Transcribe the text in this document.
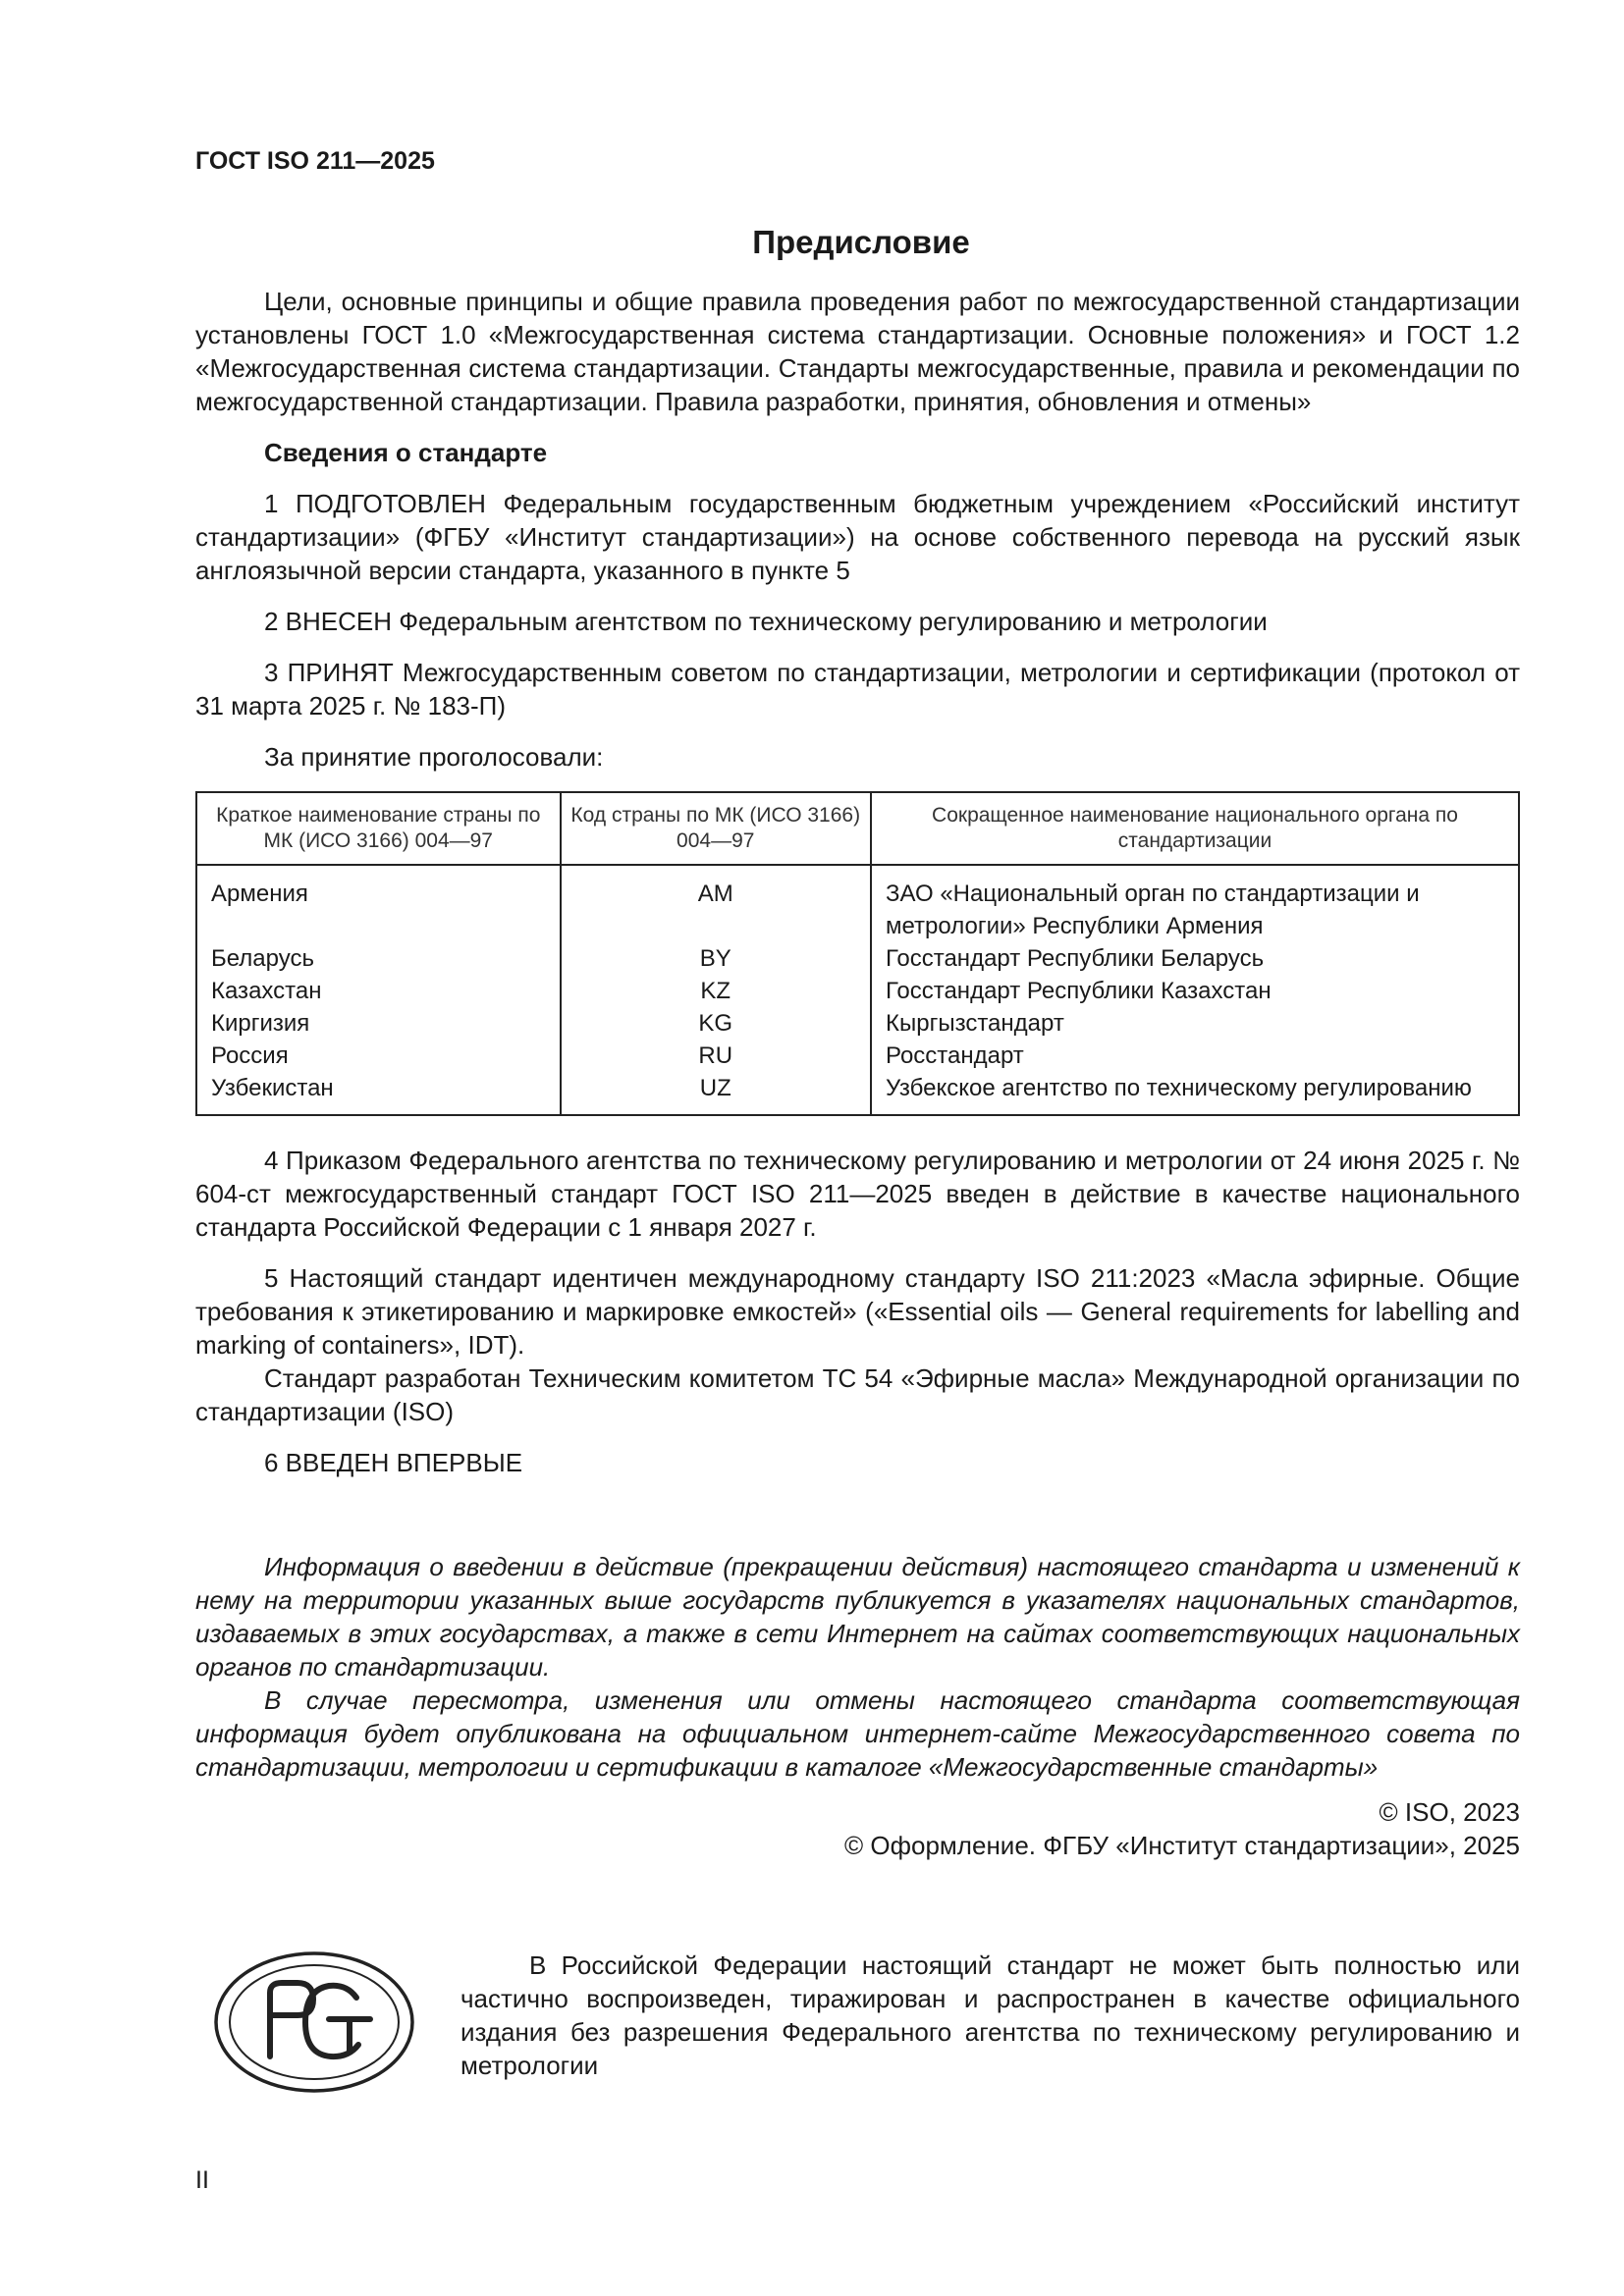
ГОСТ ISO 211—2025
Предисловие

Цели, основные принципы и общие правила проведения работ по межгосударственной стандартизации установлены ГОСТ 1.0 «Межгосударственная система стандартизации. Основные положения» и ГОСТ 1.2 «Межгосударственная система стандартизации. Стандарты межгосударственные, правила и рекомендации по межгосударственной стандартизации. Правила разработки, принятия, обновления и отмены»

Сведения о стандарте

1 ПОДГОТОВЛЕН Федеральным государственным бюджетным учреждением «Российский институт стандартизации» (ФГБУ «Институт стандартизации») на основе собственного перевода на русский язык англоязычной версии стандарта, указанного в пункте 5

2 ВНЕСЕН Федеральным агентством по техническому регулированию и метрологии

3 ПРИНЯТ Межгосударственным советом по стандартизации, метрологии и сертификации (протокол от 31 марта 2025 г. № 183-П)

За принятие проголосовали:

Краткое наименование страны по МК (ИСО 3166) 004—97	Код страны по МК (ИСО 3166) 004—97	Сокращенное наименование национального органа по стандартизации
Армения	AM	ЗАО «Национальный орган по стандартизации и метрологии» Республики Армения
Беларусь	BY	Госстандарт Республики Беларусь
Казахстан	KZ	Госстандарт Республики Казахстан
Киргизия	KG	Кыргызстандарт
Россия	RU	Росстандарт
Узбекистан	UZ	Узбекское агентство по техническому регулированию

4 Приказом Федерального агентства по техническому регулированию и метрологии от 24 июня 2025 г. № 604-ст межгосударственный стандарт ГОСТ ISO 211—2025 введен в действие в качестве национального стандарта Российской Федерации с 1 января 2027 г.

5 Настоящий стандарт идентичен международному стандарту ISO 211:2023 «Масла эфирные. Общие требования к этикетированию и маркировке емкостей» («Essential oils — General requirements for labelling and marking of containers», IDT).

Стандарт разработан Техническим комитетом ТС 54 «Эфирные масла» Международной организации по стандартизации (ISO)

6 ВВЕДЕН ВПЕРВЫЕ

Информация о введении в действие (прекращении действия) настоящего стандарта и изменений к нему на территории указанных выше государств публикуется в указателях национальных стандартов, издаваемых в этих государствах, а также в сети Интернет на сайтах соответствующих национальных органов по стандартизации.

В случае пересмотра, изменения или отмены настоящего стандарта соответствующая информация будет опубликована на официальном интернет-сайте Межгосударственного совета по стандартизации, метрологии и сертификации в каталоге «Межгосударственные стандарты»

© ISO, 2023

© Оформление. ФГБУ «Институт стандартизации», 2025

В Российской Федерации настоящий стандарт не может быть полностью или частично воспроизведен, тиражирован и распространен в качестве официального издания без разрешения Федерального агентства по техническому регулированию и метрологии
II
